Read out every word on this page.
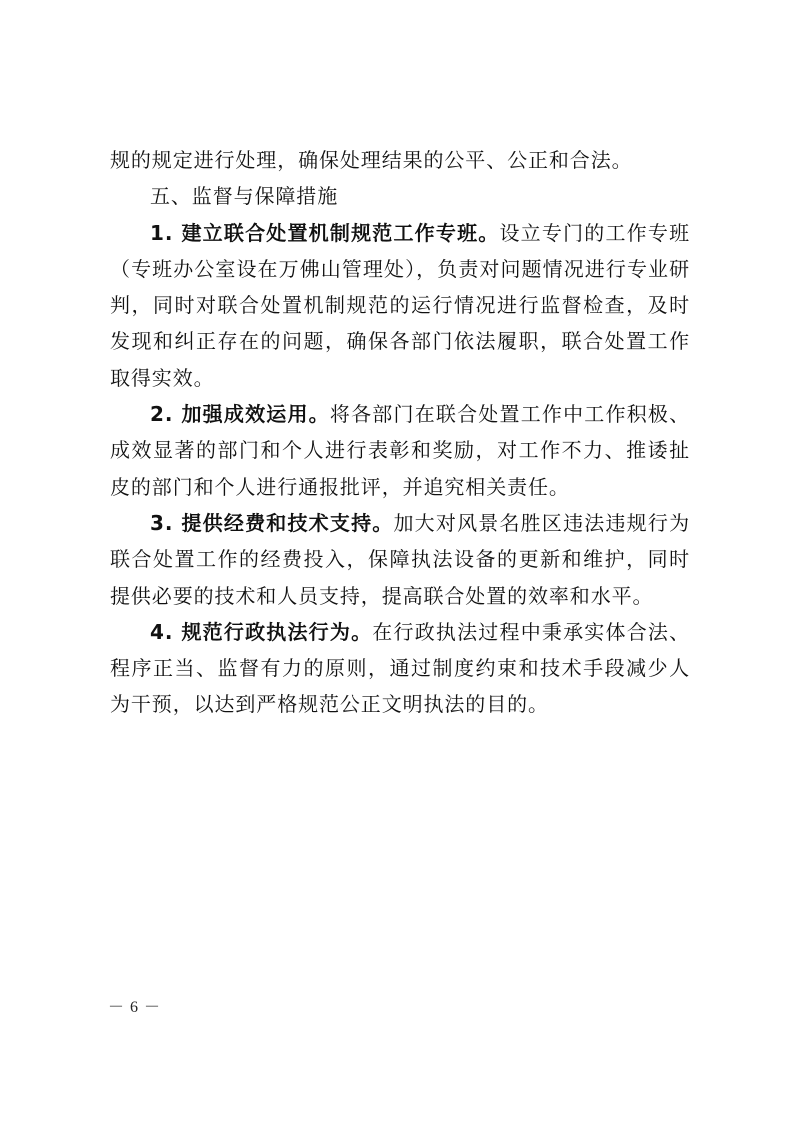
规的规定进行处理，确保处理结果的公平、公正和合法。

五、监督与保障措施

1. 建立联合处置机制规范工作专班。设立专门的工作专班（专班办公室设在万佛山管理处），负责对问题情况进行专业研判，同时对联合处置机制规范的运行情况进行监督检查，及时发现和纠正存在的问题，确保各部门依法履职，联合处置工作取得实效。

2. 加强成效运用。将各部门在联合处置工作中工作积极、成效显著的部门和个人进行表彰和奖励，对工作不力、推诿扯皮的部门和个人进行通报批评，并追究相关责任。

3. 提供经费和技术支持。加大对风景名胜区违法违规行为联合处置工作的经费投入，保障执法设备的更新和维护，同时提供必要的技术和人员支持，提高联合处置的效率和水平。

4. 规范行政执法行为。在行政执法过程中秉承实体合法、程序正当、监督有力的原则，通过制度约束和技术手段减少人为干预，以达到严格规范公正文明执法的目的。

－ 6 －
